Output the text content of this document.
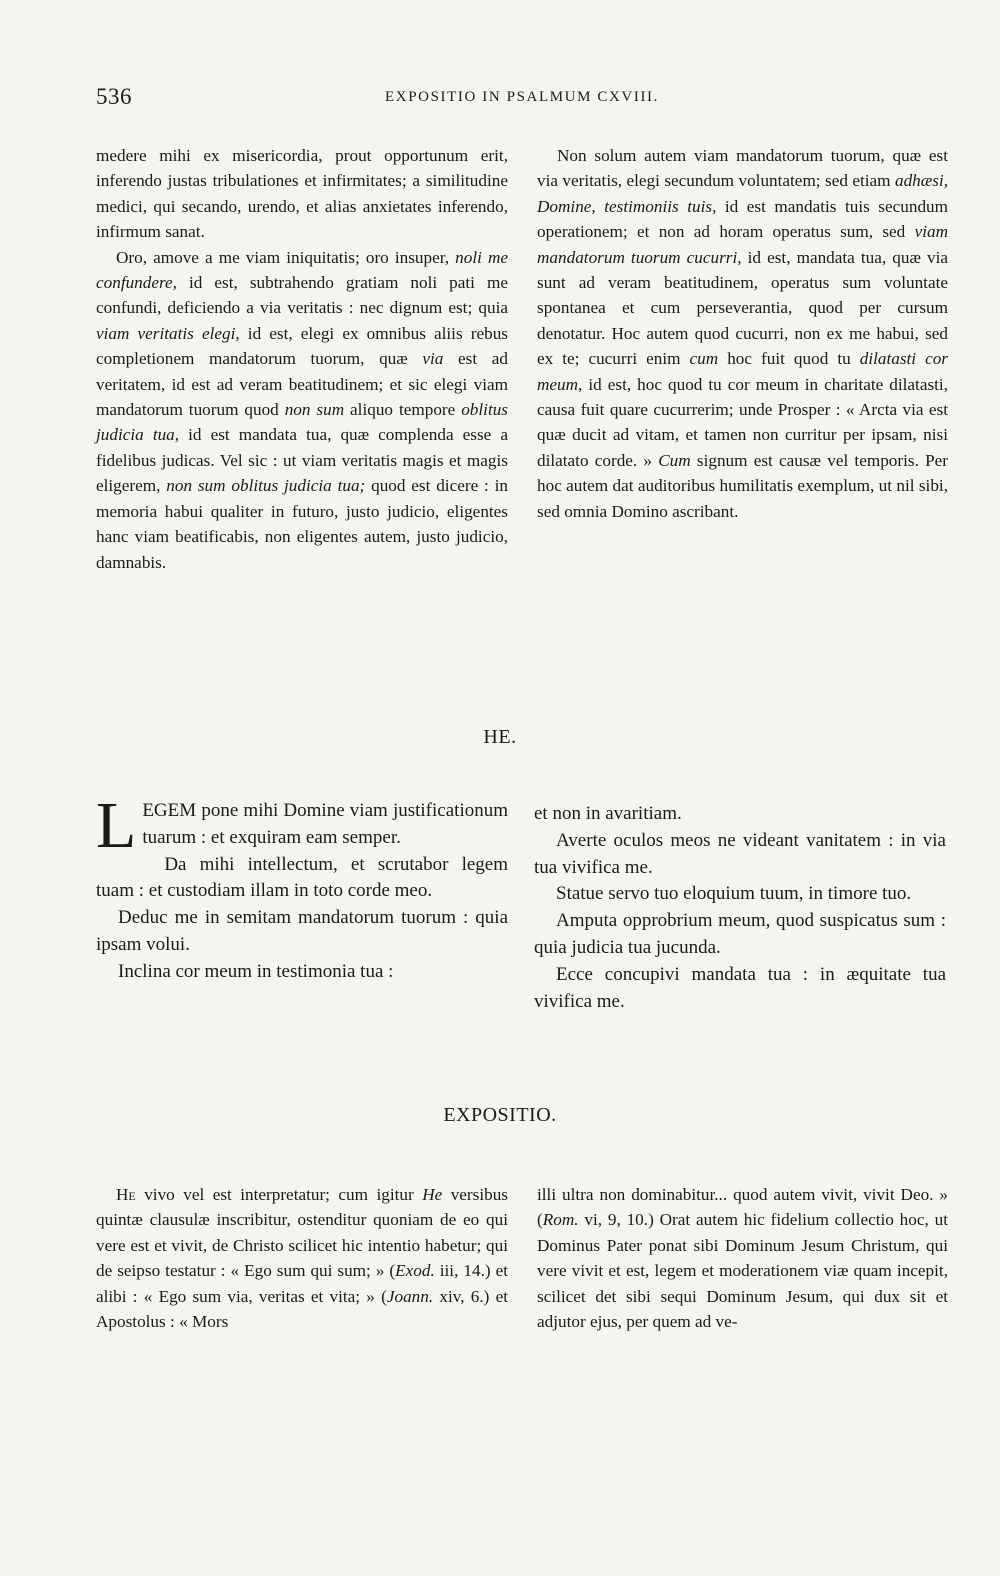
536	EXPOSITIO IN PSALMUM CXVIII.

medere mihi ex misericordia, prout opportunum erit, inferendo justas tribulationes et infirmitates; a similitudine medici, qui secando, urendo, et alias anxietates inferendo, infirmum sanat.

Oro, amove a me viam iniquitatis; oro insuper, noli me confundere, id est, subtrahendo gratiam noli pati me confundi, deficiendo a via veritatis : nec dignum est; quia viam veritatis elegi, id est, elegi ex omnibus aliis rebus completionem mandatorum tuorum, quæ via est ad veritatem, id est ad veram beatitudinem; et sic elegi viam mandatorum tuorum quod non sum aliquo tempore oblitus judicia tua, id est mandata tua, quæ complenda esse a fidelibus judicas. Vel sic : ut viam veritatis magis et magis eligerem, non sum oblitus judicia tua; quod est dicere : in memoria habui qualiter in futuro, justo judicio, eligentes hanc viam beatificabis, non eligentes autem, justo judicio, damnabis.

Non solum autem viam mandatorum tuorum, quæ est via veritatis, elegi secundum voluntatem; sed etiam adhæsi, Domine, testimoniis tuis, id est mandatis tuis secundum operationem; et non ad horam operatus sum, sed viam mandatorum tuorum cucurri, id est, mandata tua, quæ via sunt ad veram beatitudinem, operatus sum voluntate spontanea et cum perseverantia, quod per cursum denotatur. Hoc autem quod cucurri, non ex me habui, sed ex te; cucurri enim cum hoc fuit quod tu dilatasti cor meum, id est, hoc quod tu cor meum in charitate dilatasti, causa fuit quare cucurrerim; unde Prosper : « Arcta via est quæ ducit ad vitam, et tamen non curritur per ipsam, nisi dilatato corde. » Cum signum est causæ vel temporis. Per hoc autem dat auditoribus humilitatis exemplum, ut nil sibi, sed omnia Domino ascribant.

HE.

LEGEM pone mihi Domine viam justificationum tuarum : et exquiram eam semper.

Da mihi intellectum, et scrutabor legem tuam : et custodiam illam in toto corde meo.

Deduc me in semitam mandatorum tuorum : quia ipsam volui.

Inclina cor meum in testimonia tua :

et non in avaritiam.

Averte oculos meos ne videant vanitatem : in via tua vivifica me.

Statue servo tuo eloquium tuum, in timore tuo.

Amputa opprobrium meum, quod suspicatus sum : quia judicia tua jucunda.

Ecce concupivi mandata tua : in æquitate tua vivifica me.

EXPOSITIO.

He vivo vel est interpretatur; cum igitur He versibus quintæ clausulæ inscribitur, ostenditur quoniam de eo qui vere est et vivit, de Christo scilicet hic intentio habetur; qui de seipso testatur : « Ego sum qui sum; » (Exod. iii, 14.) et alibi : « Ego sum via, veritas et vita; » (Joann. xiv, 6.) et Apostolus : « Mors

illi ultra non dominabitur... quod autem vivit, vivit Deo. » (Rom. vi, 9, 10.) Orat autem hic fidelium collectio hoc, ut Dominus Pater ponat sibi Dominum Jesum Christum, qui vere vivit et est, legem et moderationem viæ quam incepit, scilicet det sibi sequi Dominum Jesum, qui dux sit et adjutor ejus, per quem ad ve-
